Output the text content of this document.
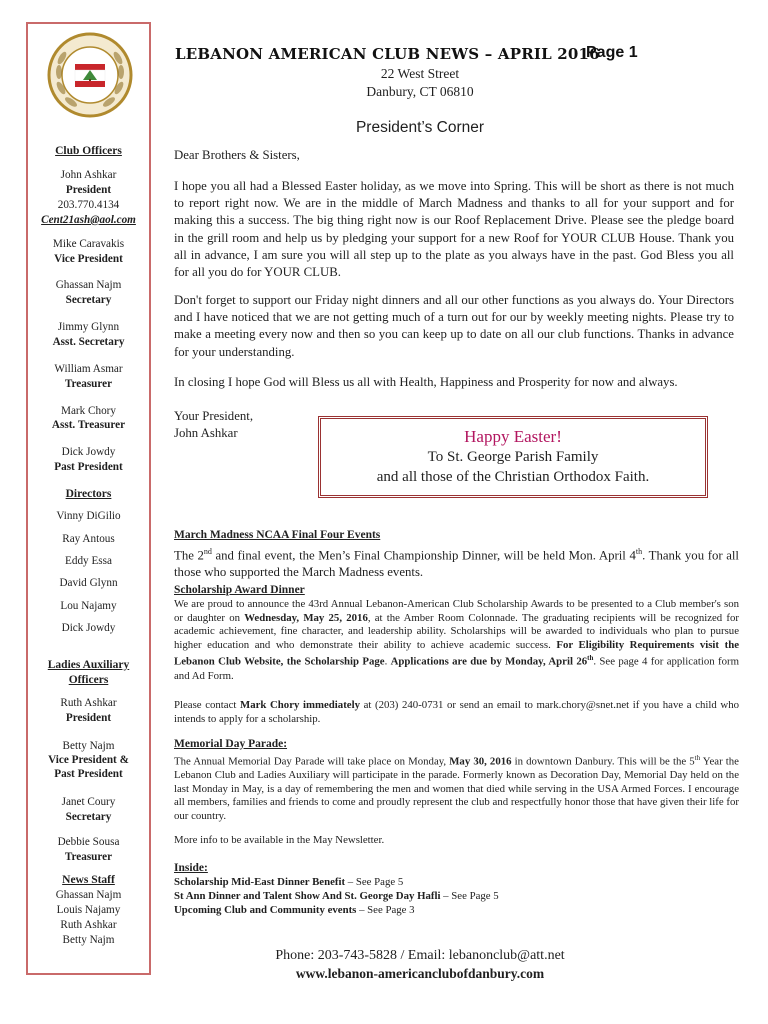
Club Officers
John Ashkar
President
203.770.4134
Cent21ash@aol.com
Mike Caravakis
Vice President
Ghassan Najm
Secretary
Jimmy Glynn
Asst. Secretary
William Asmar
Treasurer
Mark Chory
Asst. Treasurer
Dick Jowdy
Past President
Directors
Vinny DiGilio
Ray Antous
Eddy Essa
David Glynn
Lou Najamy
Dick Jowdy
Ladies Auxiliary
Officers
Ruth Ashkar
President
Betty Najm
Vice President &
Past President
Janet Coury
Secretary
Debbie Sousa
Treasurer
News Staff
Ghassan Najm
Louis Najamy
Ruth Ashkar
Betty Najm
LEBANON AMERICAN CLUB NEWS – APRIL 2016
Page 1
22 West Street
Danbury, CT 06810
President’s Corner
Dear Brothers & Sisters,
I hope you all had a Blessed Easter holiday, as we move into Spring. This will be short as there is not much to report right now. We are in the middle of March Madness and thanks to all for your support and for making this a success. The big thing right now is our Roof Replacement Drive. Please see the pledge board in the grill room and help us by pledging your support for a new Roof for YOUR CLUB House. Thank you all in advance, I am sure you will all step up to the plate as you always have in the past. God Bless you all for all you do for YOUR CLUB.
Don't forget to support our Friday night dinners and all our other functions as you always do. Your Directors and I have noticed that we are not getting much of a turn out for our by weekly meeting nights. Please try to make a meeting every now and then so you can keep up to date on all our club functions. Thanks in advance for your understanding.
In closing I hope God will Bless us all with Health, Happiness and Prosperity for now and always.
Your President,
John Ashkar	Happy Easter!
To St. George Parish Family
and all those of the Christian Orthodox Faith.
March Madness NCAA Final Four Events
The 2nd and final event, the Men’s Final Championship Dinner, will be held Mon. April 4th. Thank you for all those who supported the March Madness events.
Scholarship Award Dinner
We are proud to announce the 43rd Annual Lebanon-American Club Scholarship Awards to be presented to a Club member's son or daughter on Wednesday, May 25, 2016, at the Amber Room Colonnade. The graduating recipients will be recognized for academic achievement, fine character, and leadership ability. Scholarships will be awarded to individuals who plan to pursue higher education and who demonstrate their ability to achieve academic success. For Eligibility Requirements visit the Lebanon Club Website, the Scholarship Page. Applications are due by Monday, April 26th. See page 4 for application form and Ad Form.
Please contact Mark Chory immediately at (203) 240-0731 or send an email to mark.chory@snet.net if you have a child who intends to apply for a scholarship.
Memorial Day Parade:
The Annual Memorial Day Parade will take place on Monday, May 30, 2016 in downtown Danbury. This will be the 5th Year the Lebanon Club and Ladies Auxiliary will participate in the parade. Formerly known as Decoration Day, Memorial Day held on the last Monday in May, is a day of remembering the men and women that died while serving in the USA Armed Forces. I encourage all members, families and friends to come and proudly represent the club and respectfully honor those that have given their life for our country.
More info to be available in the May Newsletter.
Inside:
Scholarship Mid-East Dinner Benefit – See Page 5
St Ann Dinner and Talent Show And St. George Day Hafli – See Page 5
Upcoming Club and Community events – See Page 3
Phone: 203-743-5828 / Email: lebanonclub@att.net
www.lebanon-americanclubofdanbury.com
